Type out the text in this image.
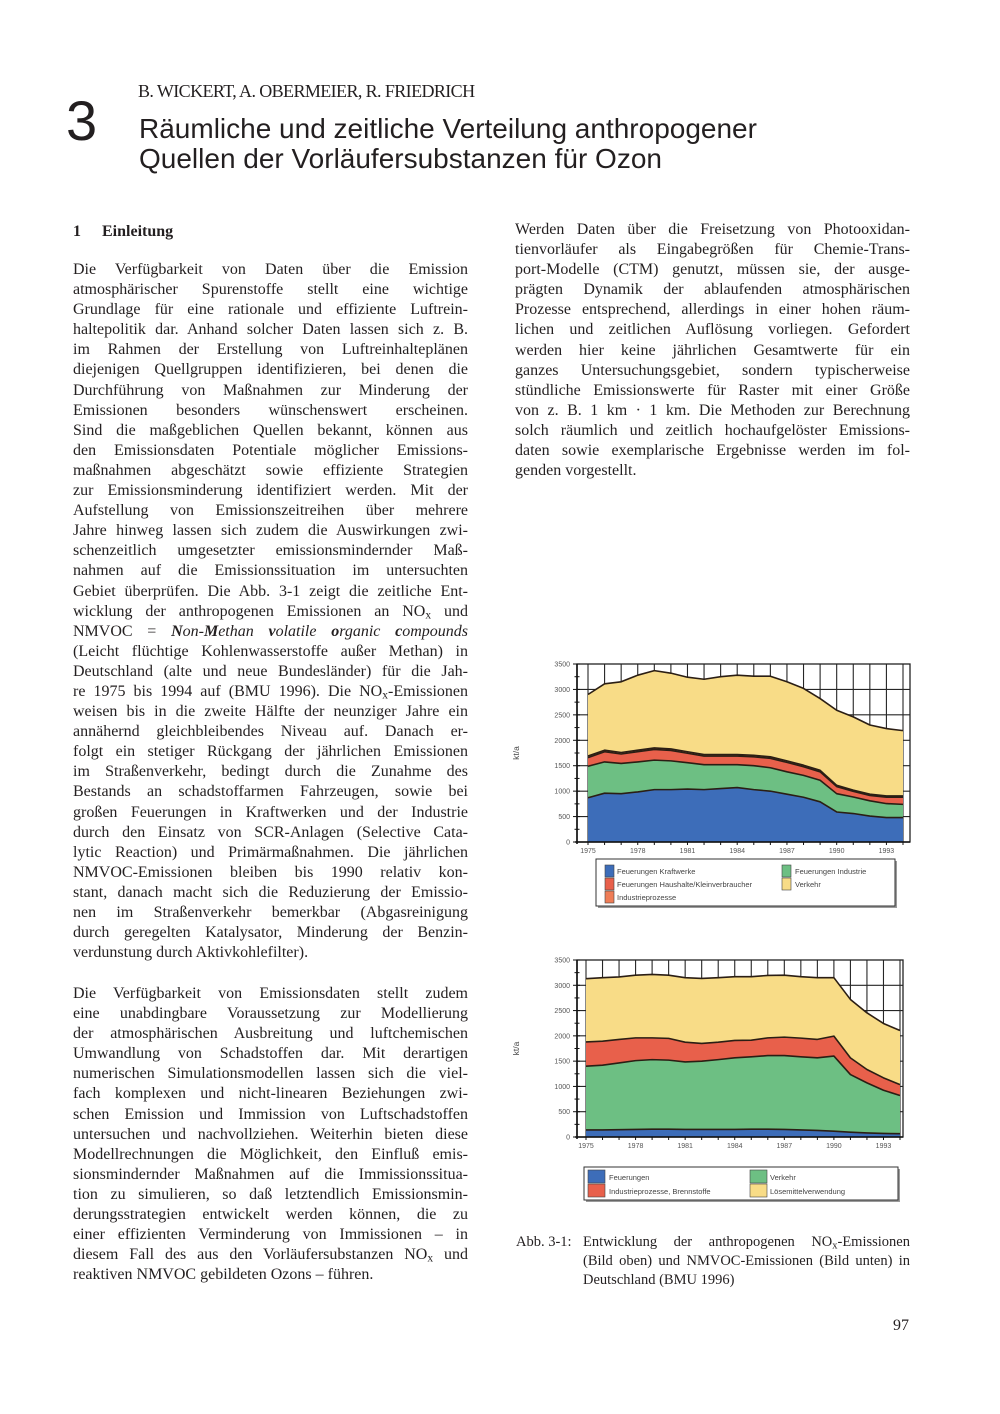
3 B. WICKERT, A. OBERMEIER, R. FRIEDRICH
Räumliche und zeitliche Verteilung anthropogener
Quellen der Vorläufersubstanzen für Ozon
1 Einleitung
Die Verfügbarkeit von Daten über die Emission
atmosphärischer Spurenstoffe stellt eine wichtige
Grundlage für eine rationale und effiziente Luftrein-
haltepolitik dar. Anhand solcher Daten lassen sich z. B.
im Rahmen der Erstellung von Luftreinhalteplänen
diejenigen Quellgruppen identifizieren, bei denen die
Durchführung von Maßnahmen zur Minderung der
Emissionen besonders wünschenswert erscheinen.
Sind die maßgeblichen Quellen bekannt, können aus
den Emissionsdaten Potentiale möglicher Emissions-
maßnahmen abgeschätzt sowie effiziente Strategien
zur Emissionsminderung identifiziert werden. Mit der
Aufstellung von Emissionszeitreihen über mehrere
Jahre hinweg lassen sich zudem die Auswirkungen zwi-
schenzeitlich umgesetzter emissionsmindernder Maß-
nahmen auf die Emissionssituation im untersuchten
Gebiet überprüfen. Die Abb. 3-1 zeigt die zeitliche Ent-
wicklung der anthropogenen Emissionen an $NO_x$ und
NMVOC = Non-Methan volatile organic compounds
(Leicht flüchtige Kohlenwasserstoffe außer Methan) in
Deutschland (alte und neue Bundesländer) für die Jah-
re 1975 bis 1994 auf (BMU 1996). Die $NO_x$-Emissionen
weisen bis in die zweite Hälfte der neunziger Jahre ein
annähernd gleichbleibendes Niveau auf. Danach er-
folgt ein stetiger Rückgang der jährlichen Emissionen
im Straßenverkehr, bedingt durch die Zunahme des
Bestands an schadstoffarmen Fahrzeugen, sowie bei
großen Feuerungen in Kraftwerken und der Industrie
durch den Einsatz von SCR-Anlagen (Selective Cata-
lytic Reaction) und Primärmaßnahmen. Die jährlichen
NMVOC-Emissionen bleiben bis 1990 relativ kon-
stant, danach macht sich die Reduzierung der Emissio-
nen im Straßenverkehr bemerkbar (Abgasreinigung
durch geregelten Katalysator, Minderung der Benzin-
verdunstung durch Aktivkohlefilter).
Die Verfügbarkeit von Emissionsdaten stellt zudem
eine unabdingbare Voraussetzung zur Modellierung
der atmosphärischen Ausbreitung und luftchemischen
Umwandlung von Schadstoffen dar. Mit derartigen
numerischen Simulationsmodellen lassen sich die viel-
fach komplexen und nicht-linearen Beziehungen zwi-
schen Emission und Immission von Luftschadstoffen
untersuchen und nachvollziehen. Weiterhin bieten diese
Modellrechnungen die Möglichkeit, den Einfluß emis-
sionsmindernder Maßnahmen auf die Immissionssitua-
tion zu simulieren, so daß letztendlich Emissionsmin-
derungsstrategien entwickelt werden können, die zu
einer effizienten Verminderung von Immissionen – in
diesem Fall des aus den Vorläufersubstanzen $NO_x$ und
reaktiven NMVOC gebildeten Ozons – führen.
Werden Daten über die Freisetzung von Photooxidan-
tienvorläufer als Eingabegrößen für Chemie-Trans-
port-Modelle (CTM) genutzt, müssen sie, der ausge-
prägten Dynamik der ablaufenden atmosphärischen
Prozesse entsprechend, allerdings in einer hohen räum-
lichen und zeitlichen Auflösung vorliegen. Gefordert
werden hier keine jährlichen Gesamtwerte für ein
ganzes Untersuchungsgebiet, sondern typischerweise
stündliche Emissionswerte für Raster mit einer Größe
von z. B. 1 km · 1 km. Die Methoden zur Berechnung
solch räumlich und zeitlich hochaufgelöster Emissions-
daten sowie exemplarische Ergebnisse werden im fol-
genden vorgestellt.
0
500
1000
1500
2000
2500
3000
3500
1975	1978	1981	1984	1987	1990	1993
kt/a
Feuerungen Kraftwerke	Feuerungen Industrie
Feuerungen Haushalte/Kleinverbraucher	Verkehr
Industrieprozesse
0
500
1000
1500
2000
2500
3000
3500
1975	1978	1981	1984	1987	1990	1993
kt/a
Feuerungen	Verkehr
Industrieprozesse, Brennstoffe	Lösemittelverwendung
Abb. 3-1: Entwicklung der anthropogenen $NO_x$-Emissionen
(Bild oben) und NMVOC-Emissionen (Bild unten) in
Deutschland (BMU 1996)
97
